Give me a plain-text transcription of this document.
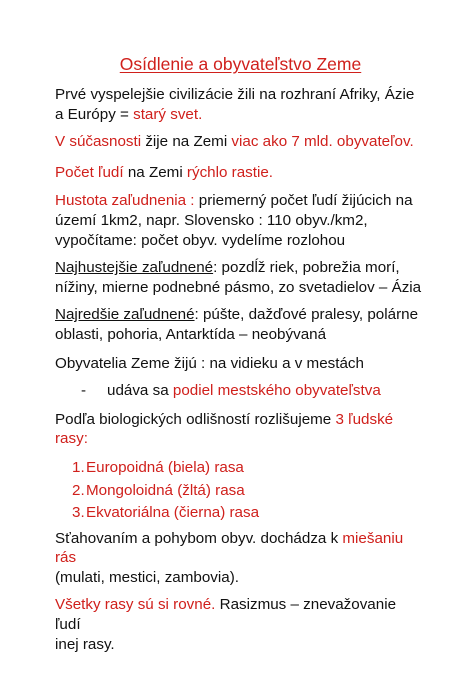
Osídlenie a obyvateľstvo Zeme

Prvé vyspelejšie civilizácie žili na rozhraní Afriky, Ázie
a Európy = starý svet.

V súčasnosti žije na Zemi viac ako 7 mld. obyvateľov.

Počet ľudí na Zemi rýchlo rastie.

Hustota zaľudnenia : priemerný počet ľudí žijúcich na
území 1km2, napr. Slovensko : 110 obyv./km2,
vypočítame: počet obyv. vydelíme rozlohou

Najhustejšie zaľudnené: pozdĺž riek, pobrežia morí,
nížiny, mierne podnebné pásmo, zo svetadielov – Ázia

Najredšie zaľudnené: púšte, dažďové pralesy, polárne
oblasti, pohoria, Antarktída – neobývaná

Obyvatelia Zeme žijú : na vidieku a v mestách

- udáva sa podiel mestského obyvateľstva

Podľa biologických odlišností rozlišujeme 3 ľudské rasy:

1.Europoidná (biela) rasa
2.Mongoloidná (žltá) rasa
3.Ekvatoriálna (čierna) rasa

Sťahovaním a pohybom obyv. dochádza k miešaniu rás
(mulati, mestici, zambovia).

Všetky rasy sú si rovné. Rasizmus – znevažovanie ľudí
inej rasy.
